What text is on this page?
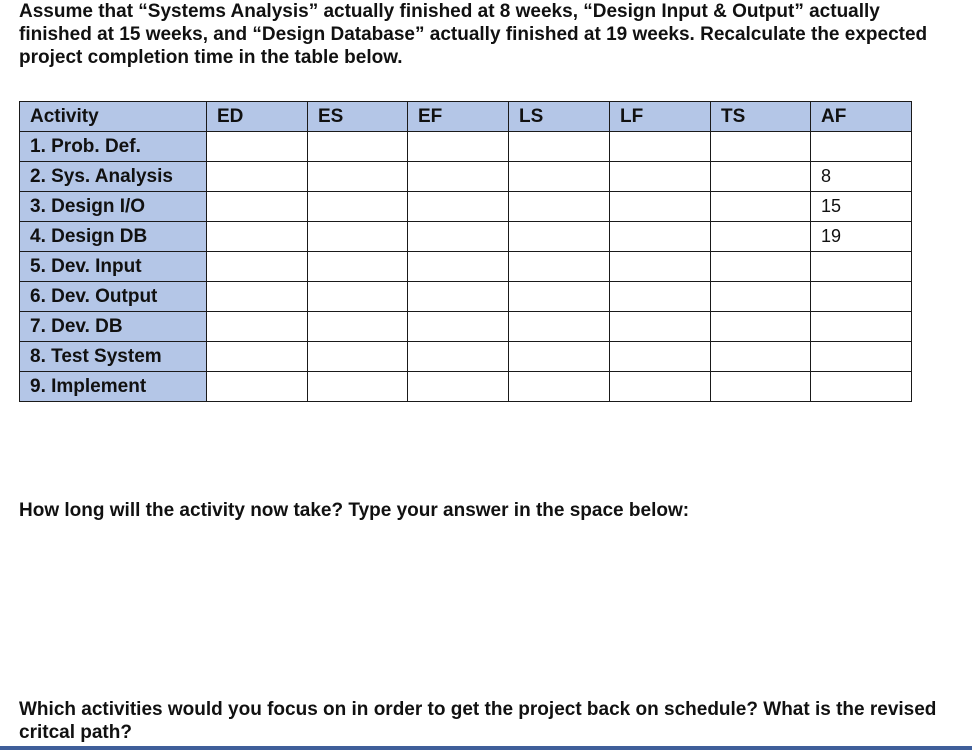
Assume that “Systems Analysis” actually finished at 8 weeks, “Design Input & Output” actually finished at 15 weeks, and “Design Database” actually finished at 19 weeks. Recalculate the expected project completion time in the table below.

Activity	ED	ES	EF	LS	LF	TS	AF
1. Prob. Def.							
2. Sys. Analysis							8
3. Design I/O							15
4. Design DB							19
5. Dev. Input							
6. Dev. Output							
7. Dev. DB							
8. Test System							
9. Implement							

How long will the activity now take? Type your answer in the space below:

Which activities would you focus on in order to get the project back on schedule? What is the revised critcal path?
